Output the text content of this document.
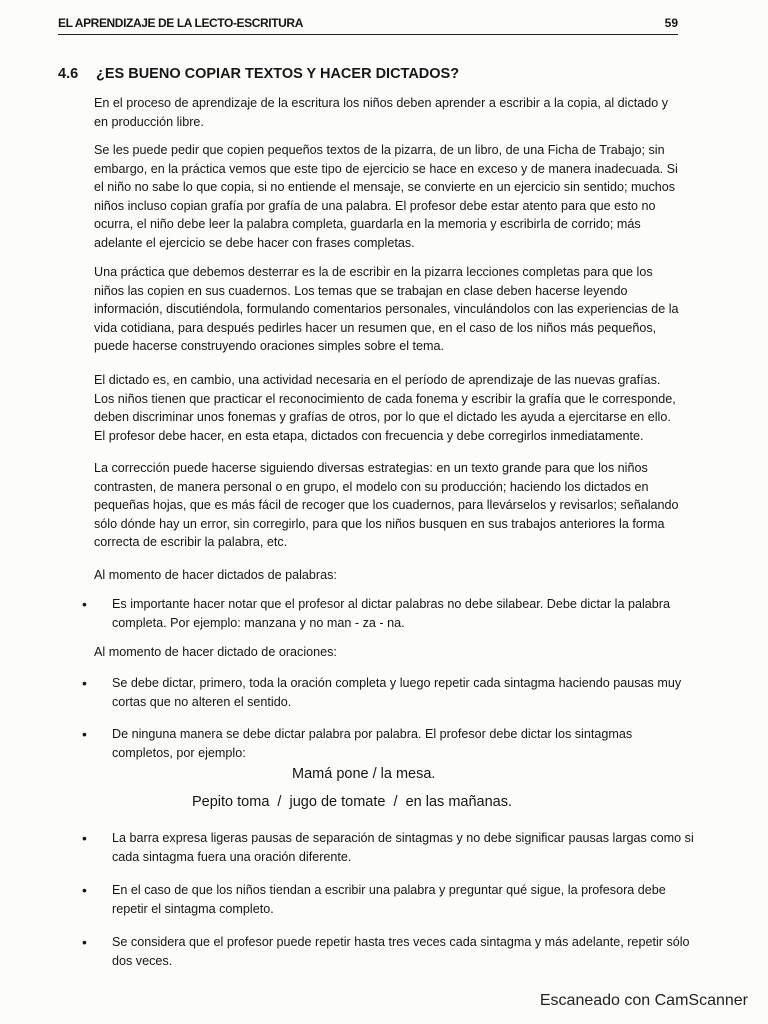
EL APRENDIZAJE DE LA LECTO-ESCRITURA	59
4.6 ¿ES BUENO COPIAR TEXTOS Y HACER DICTADOS?
En el proceso de aprendizaje de la escritura los niños deben aprender a escribir a la copia, al dictado y en producción libre.
Se les puede pedir que copien pequeños textos de la pizarra, de un libro, de una Ficha de Trabajo; sin embargo, en la práctica vemos que este tipo de ejercicio se hace en exceso y de manera inadecuada. Si el niño no sabe lo que copia, si no entiende el mensaje, se convierte en un ejercicio sin sentido; muchos niños incluso copian grafía por grafía de una palabra. El profesor debe estar atento para que esto no ocurra, el niño debe leer la palabra completa, guardarla en la memoria y escribirla de corrido; más adelante el ejercicio se debe hacer con frases completas.
Una práctica que debemos desterrar es la de escribir en la pizarra lecciones completas para que los niños las copien en sus cuadernos. Los temas que se trabajan en clase deben hacerse leyendo información, discutiéndola, formulando comentarios personales, vinculándolos con las experiencias de la vida cotidiana, para después pedirles hacer un resumen que, en el caso de los niños más pequeños, puede hacerse construyendo oraciones simples sobre el tema.
El dictado es, en cambio, una actividad necesaria en el período de aprendizaje de las nuevas grafías. Los niños tienen que practicar el reconocimiento de cada fonema y escribir la grafía que le corresponde, deben discriminar unos fonemas y grafías de otros, por lo que el dictado les ayuda a ejercitarse en ello. El profesor debe hacer, en esta etapa, dictados con frecuencia y debe corregirlos inmediatamente.
La corrección puede hacerse siguiendo diversas estrategias: en un texto grande para que los niños contrasten, de manera personal o en grupo, el modelo con su producción; haciendo los dictados en pequeñas hojas, que es más fácil de recoger que los cuadernos, para llevárselos y revisarlos; señalando sólo dónde hay un error, sin corregirlo, para que los niños busquen en sus trabajos anteriores la forma correcta de escribir la palabra, etc.
Al momento de hacer dictados de palabras:
• Es importante hacer notar que el profesor al dictar palabras no debe silabear. Debe dictar la palabra completa. Por ejemplo: manzana y no man - za - na.
Al momento de hacer dictado de oraciones:
• Se debe dictar, primero, toda la oración completa y luego repetir cada sintagma haciendo pausas muy cortas que no alteren el sentido.
• De ninguna manera se debe dictar palabra por palabra. El profesor debe dictar los sintagmas completos, por ejemplo:
Mamá pone / la mesa.
Pepito toma  /  jugo de tomate  /  en las mañanas.
• La barra expresa ligeras pausas de separación de sintagmas y no debe significar pausas largas como si cada sintagma fuera una oración diferente.
• En el caso de que los niños tiendan a escribir una palabra y preguntar qué sigue, la profesora debe repetir el sintagma completo.
• Se considera que el profesor puede repetir hasta tres veces cada sintagma y más adelante, repetir sólo dos veces.
Escaneado con CamScanner
